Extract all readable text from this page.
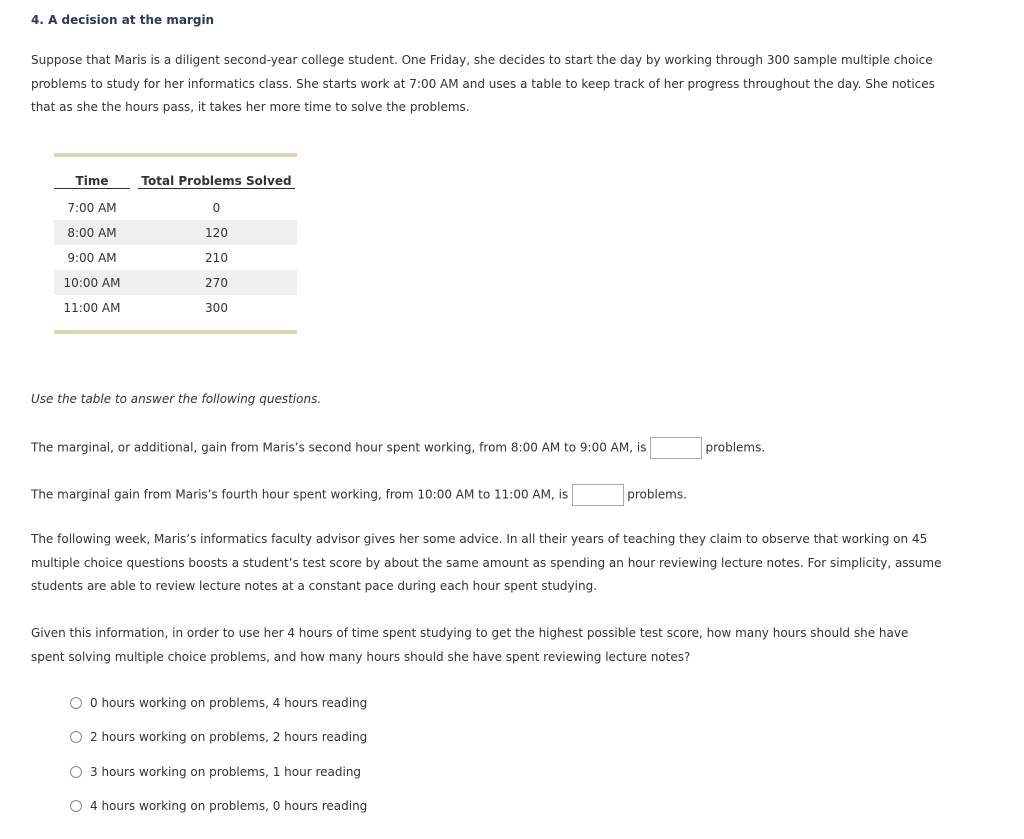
4. A decision at the margin
Suppose that Maris is a diligent second-year college student. One Friday, she decides to start the day by working through 300 sample multiple choice
problems to study for her informatics class. She starts work at 7:00 AM and uses a table to keep track of her progress throughout the day. She notices
that as she the hours pass, it takes her more time to solve the problems.
Time	Total Problems Solved
7:00 AM	0
8:00 AM	120
9:00 AM	210
10:00 AM	270
11:00 AM	300
Use the table to answer the following questions.
The marginal, or additional, gain from Maris’s second hour spent working, from 8:00 AM to 9:00 AM, is	problems.
The marginal gain from Maris’s fourth hour spent working, from 10:00 AM to 11:00 AM, is	problems.
The following week, Maris’s informatics faculty advisor gives her some advice. In all their years of teaching they claim to observe that working on 45
multiple choice questions boosts a student’s test score by about the same amount as spending an hour reviewing lecture notes. For simplicity, assume
students are able to review lecture notes at a constant pace during each hour spent studying.
Given this information, in order to use her 4 hours of time spent studying to get the highest possible test score, how many hours should she have
spent solving multiple choice problems, and how many hours should she have spent reviewing lecture notes?
0 hours working on problems, 4 hours reading
2 hours working on problems, 2 hours reading
3 hours working on problems, 1 hour reading
4 hours working on problems, 0 hours reading
